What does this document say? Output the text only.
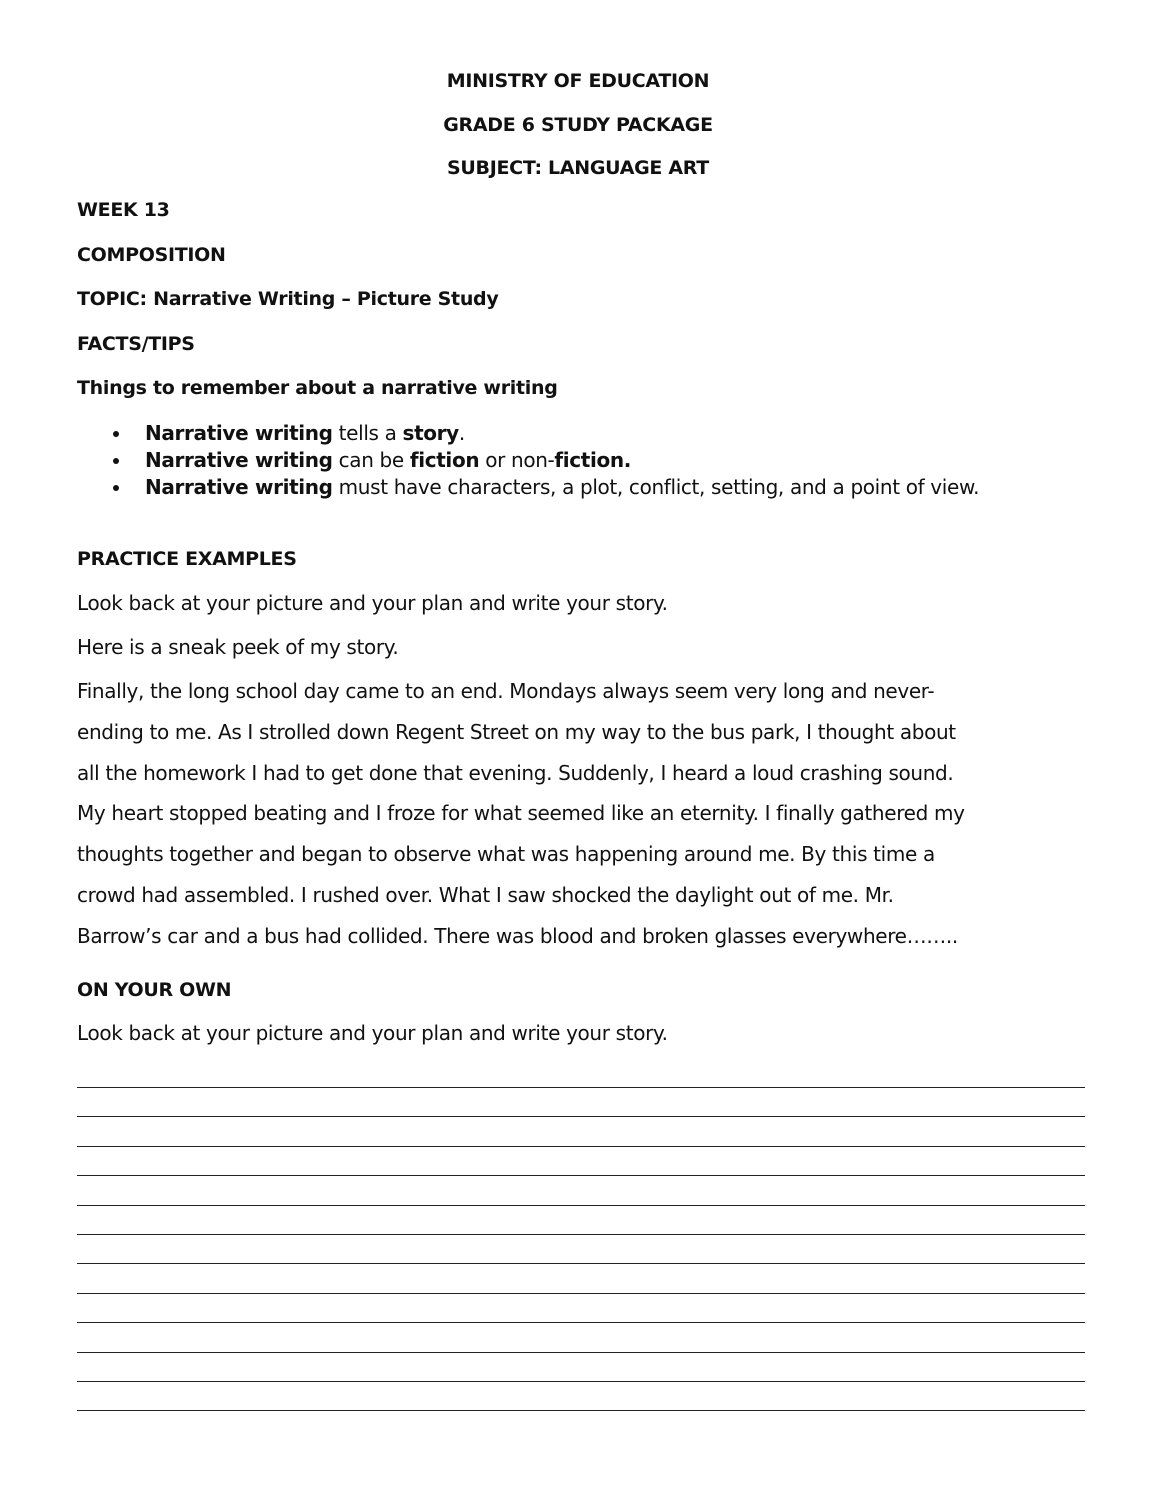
MINISTRY OF EDUCATION
GRADE 6 STUDY PACKAGE
SUBJECT: LANGUAGE ART
WEEK 13
COMPOSITION
TOPIC: Narrative Writing – Picture Study
FACTS/TIPS
Things to remember about a narrative writing
Narrative writing tells a story.
Narrative writing can be fiction or non-fiction.
Narrative writing must have characters, a plot, conflict, setting, and a point of view.
PRACTICE EXAMPLES
Look back at your picture and your plan and write your story.
Here is a sneak peek of my story.
Finally, the long school day came to an end. Mondays always seem very long and never-
ending to me. As I strolled down Regent Street on my way to the bus park, I thought about
all the homework I had to get done that evening. Suddenly, I heard a loud crashing sound.
My heart stopped beating and I froze for what seemed like an eternity. I finally gathered my
thoughts together and began to observe what was happening around me. By this time a
crowd had assembled. I rushed over. What I saw shocked the daylight out of me. Mr.
Barrow’s car and a bus had collided. There was blood and broken glasses everywhere……..
ON YOUR OWN
Look back at your picture and your plan and write your story.
